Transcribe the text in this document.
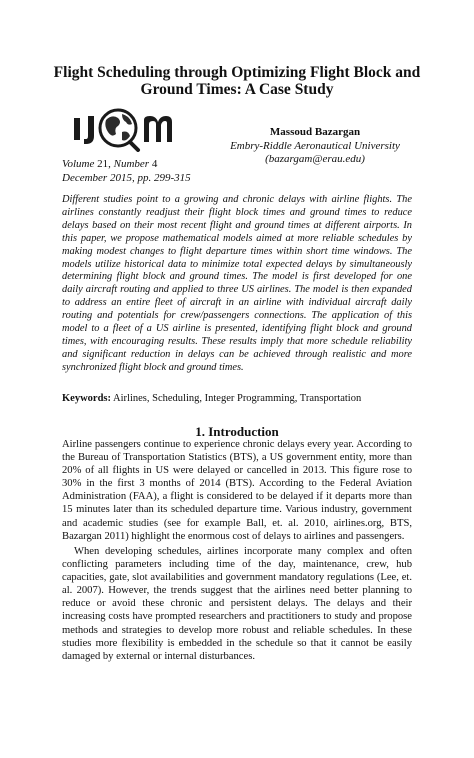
Flight Scheduling through Optimizing Flight Block and Ground Times: A Case Study
Massoud Bazargan
Embry-Riddle Aeronautical University
(bazargam@erau.edu)
Volume 21, Number 4
December 2015, pp. 299-315
Different studies point to a growing and chronic delays with airline flights. The airlines constantly readjust their flight block times and ground times to reduce delays based on their most recent flight and ground times at different airports. In this paper, we propose mathematical models aimed at more reliable schedules by making modest changes to flight departure times within short time windows. The models utilize historical data to minimize total expected delays by simultaneously determining flight block and ground times. The model is first developed for one daily aircraft routing and applied to three US airlines. The model is then expanded to address an entire fleet of aircraft in an airline with individual aircraft daily routing and potentials for crew/passengers connections. The application of this model to a fleet of a US airline is presented, identifying flight block and ground times, with encouraging results. These results imply that more schedule reliability and significant reduction in delays can be achieved through realistic and more synchronized flight block and ground times.
Keywords: Airlines, Scheduling, Integer Programming, Transportation
1. Introduction
Airline passengers continue to experience chronic delays every year. According to the Bureau of Transportation Statistics (BTS), a US government entity, more than 20% of all flights in US were delayed or cancelled in 2013. This figure rose to 30% in the first 3 months of 2014 (BTS). According to the Federal Aviation Administration (FAA), a flight is considered to be delayed if it departs more than 15 minutes later than its scheduled departure time. Various industry, government and academic studies (see for example Ball, et. al. 2010, airlines.org, BTS, Bazargan 2011) highlight the enormous cost of delays to airlines and passengers.
When developing schedules, airlines incorporate many complex and often conflicting parameters including time of the day, maintenance, crew, hub capacities, gate, slot availabilities and government mandatory regulations (Lee, et. al. 2007). However, the trends suggest that the airlines need better planning to reduce or avoid these chronic and persistent delays. The delays and their increasing costs have prompted researchers and practitioners to study and propose methods and strategies to develop more robust and reliable schedules. In these studies more flexibility is embedded in the schedule so that it cannot be easily damaged by external or internal disturbances.
